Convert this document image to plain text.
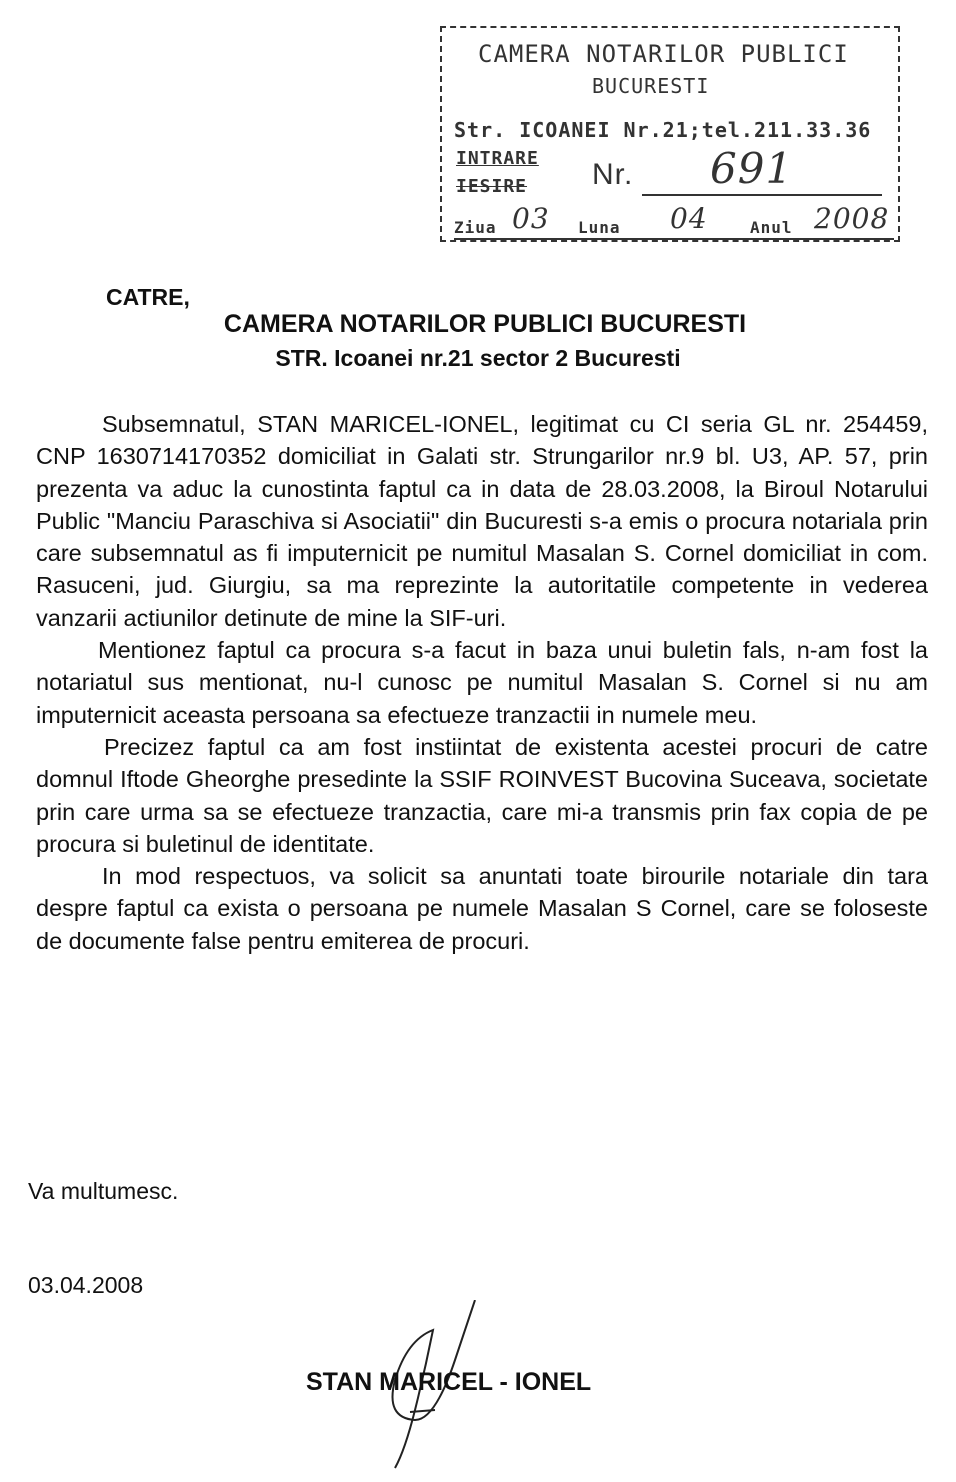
CAMERA NOTARILOR PUBLICI
BUCURESTI
Str. ICOANEI Nr.21;tel.211.33.36
INTRARE
IESIRE Nr. 691
Ziua 03 Luna 04	Anul 2008
CATRE,
CAMERA NOTARILOR PUBLICI BUCURESTI
STR. Icoanei nr.21 sector 2 Bucuresti

Subsemnatul, STAN MARICEL-IONEL, legitimat cu CI seria GL nr. 254459, CNP 1630714170352 domiciliat in Galati str. Strungarilor nr.9 bl. U3, AP. 57, prin prezenta va aduc la cunostinta faptul ca in data de 28.03.2008, la Biroul Notarului Public "Manciu Paraschiva si Asociatii" din Bucuresti s-a emis o procura notariala prin care subsemnatul as fi imputernicit pe numitul Masalan S. Cornel domiciliat in com. Rasuceni, jud. Giurgiu, sa ma reprezinte la autoritatile competente in vederea vanzarii actiunilor detinute de mine la SIF-uri.

Mentionez faptul ca procura s-a facut in baza unui buletin fals, n-am fost la notariatul sus mentionat, nu-l cunosc pe numitul Masalan S. Cornel si nu am imputernicit aceasta persoana sa efectueze tranzactii in numele meu.

Precizez faptul ca am fost instiintat de existenta acestei procuri de catre domnul Iftode Gheorghe presedinte la SSIF ROINVEST Bucovina Suceava, societate prin care urma sa se efectueze tranzactia, care mi-a transmis prin fax copia de pe procura si buletinul de identitate.

In mod respectuos, va solicit sa anuntati toate birourile notariale din tara despre faptul ca exista o persoana pe numele Masalan S Cornel, care se foloseste de documente false pentru emiterea de procuri.

Va multumesc.
03.04.2008
STAN MARICEL - IONEL
